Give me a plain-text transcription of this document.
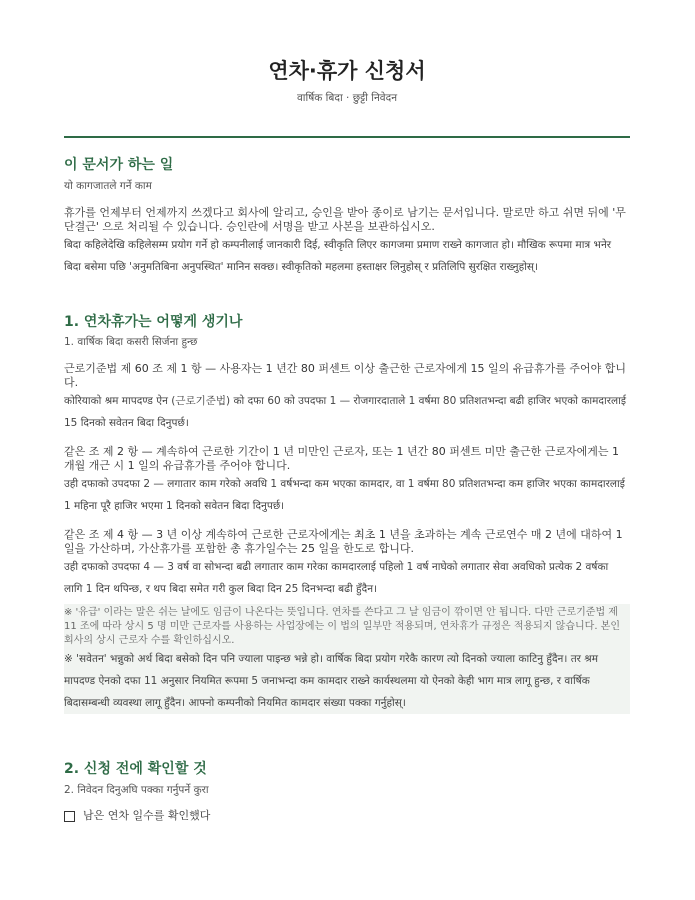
연차·휴가 신청서
वार्षिक बिदा · छुट्टी निवेदन
이 문서가 하는 일
यो कागजातले गर्ने काम
휴가를 언제부터 언제까지 쓰겠다고 회사에 알리고, 승인을 받아 종이로 남기는 문서입니다. 말로만 하고 쉬면 뒤에 '무단결근' 으로 처리될 수 있습니다. 승인란에 서명을 받고 사본을 보관하십시오.
बिदा कहिलेदेखि कहिलेसम्म प्रयोग गर्ने हो कम्पनीलाई जानकारी दिई, स्वीकृति लिएर कागजमा प्रमाण राख्ने कागजात हो। मौखिक रूपमा मात्र भनेर बिदा बसेमा पछि 'अनुमतिबिना अनुपस्थित' मानिन सक्छ। स्वीकृतिको महलमा हस्ताक्षर लिनुहोस् र प्रतिलिपि सुरक्षित राख्नुहोस्।
1. 연차휴가는 어떻게 생기나
1. वार्षिक बिदा कसरी सिर्जना हुन्छ
근로기준법 제 60 조 제 1 항 — 사용자는 1 년간 80 퍼센트 이상 출근한 근로자에게 15 일의 유급휴가를 주어야 합니다.
कोरियाको श्रम मापदण्ड ऐन (근로기준법) को दफा 60 को उपदफा 1 — रोजगारदाताले 1 वर्षमा 80 प्रतिशतभन्दा बढी हाजिर भएको कामदारलाई 15 दिनको सवेतन बिदा दिनुपर्छ।
같은 조 제 2 항 — 계속하여 근로한 기간이 1 년 미만인 근로자, 또는 1 년간 80 퍼센트 미만 출근한 근로자에게는 1 개월 개근 시 1 일의 유급휴가를 주어야 합니다.
उही दफाको उपदफा 2 — लगातार काम गरेको अवधि 1 वर्षभन्दा कम भएका कामदार, वा 1 वर्षमा 80 प्रतिशतभन्दा कम हाजिर भएका कामदारलाई 1 महिना पूरै हाजिर भएमा 1 दिनको सवेतन बिदा दिनुपर्छ।
같은 조 제 4 항 — 3 년 이상 계속하여 근로한 근로자에게는 최초 1 년을 초과하는 계속 근로연수 매 2 년에 대하여 1 일을 가산하며, 가산휴가를 포함한 총 휴가일수는 25 일을 한도로 합니다.
उही दफाको उपदफा 4 — 3 वर्ष वा सोभन्दा बढी लगातार काम गरेका कामदारलाई पहिलो 1 वर्ष नाघेको लगातार सेवा अवधिको प्रत्येक 2 वर्षका लागि 1 दिन थपिन्छ, र थप बिदा समेत गरी कुल बिदा दिन 25 दिनभन्दा बढी हुँदैन।
※ '유급' 이라는 말은 쉬는 날에도 임금이 나온다는 뜻입니다. 연차를 쓴다고 그 날 임금이 깎이면 안 됩니다. 다만 근로기준법 제 11 조에 따라 상시 5 명 미만 근로자를 사용하는 사업장에는 이 법의 일부만 적용되며, 연차휴가 규정은 적용되지 않습니다. 본인 회사의 상시 근로자 수를 확인하십시오.
※ 'सवेतन' भन्नुको अर्थ बिदा बसेको दिन पनि ज्याला पाइन्छ भन्ने हो। वार्षिक बिदा प्रयोग गरेकै कारण त्यो दिनको ज्याला काटिनु हुँदैन। तर श्रम मापदण्ड ऐनको दफा 11 अनुसार नियमित रूपमा 5 जनाभन्दा कम कामदार राख्ने कार्यस्थलमा यो ऐनको केही भाग मात्र लागू हुन्छ, र वार्षिक बिदासम्बन्धी व्यवस्था लागू हुँदैन। आफ्नो कम्पनीको नियमित कामदार संख्या पक्का गर्नुहोस्।
2. 신청 전에 확인할 것
2. निवेदन दिनुअघि पक्का गर्नुपर्ने कुरा
남은 연차 일수를 확인했다
